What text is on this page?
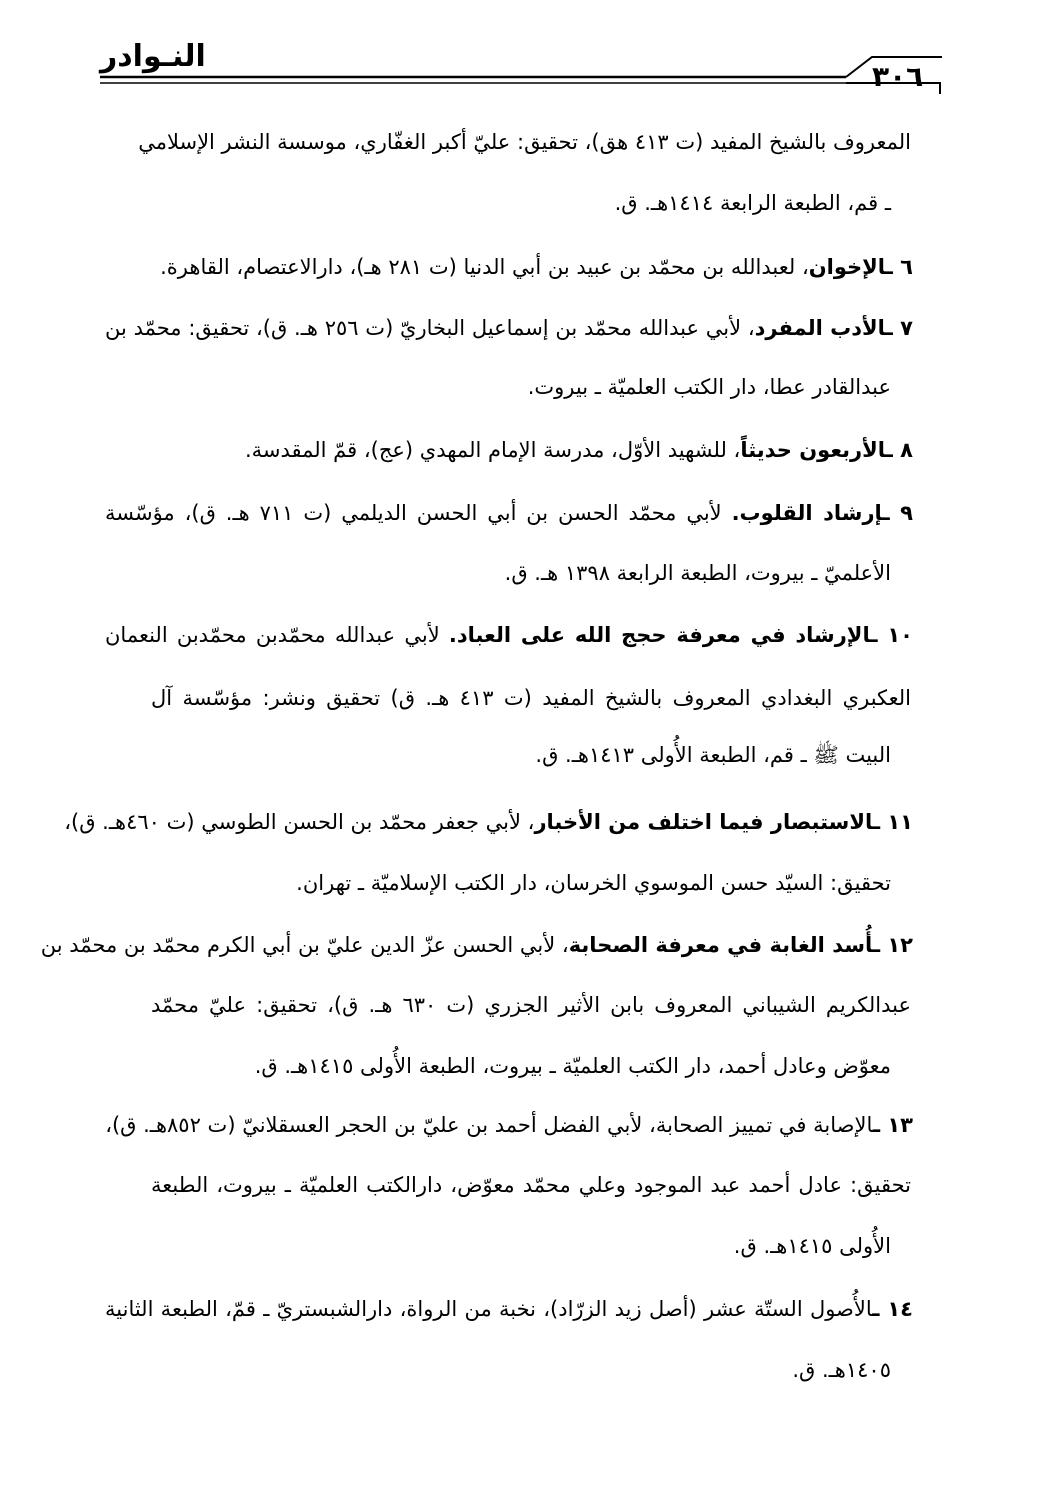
النـوادر
٣٠٦
المعروف بالشيخ المفيد (ت ٤١٣ هق)، تحقيق: عليّ أكبر الغفّاري، موسسة النشر الإسلامي
ـ قم، الطبعة الرابعة ١٤١٤هـ. ق.
٦ ـالإخوان، لعبدالله بن محمّد بن عبيد بن أبي الدنيا (ت ٢٨١ هـ)، دارالاعتصام، القاهرة.
٧ ـالأدب المفرد، لأبي عبدالله محمّد بن إسماعيل البخاريّ (ت ٢٥٦ هـ. ق)، تحقيق: محمّد بن
عبدالقادر عطا، دار الكتب العلميّة ـ بيروت.
٨ ـالأربعون حديثاً، للشهيد الأوّل، مدرسة الإمام المهدي (عج)، قمّ المقدسة.
٩ ـإرشاد القلوب. لأبي محمّد الحسن بن أبي الحسن الديلمي (ت ٧١١ هـ. ق)، مؤسّسة
الأعلميّ ـ بيروت، الطبعة الرابعة ١٣٩٨ هـ. ق.
١٠ ـالإرشاد في معرفة حجج الله على العباد. لأبي عبدالله محمّدبن محمّدبن النعمان
العكبري البغدادي المعروف بالشيخ المفيد (ت ٤١٣ هـ. ق) تحقيق ونشر: مؤسّسة آل
البيت ﷺ ـ قم، الطبعة الأُولى ١٤١٣هـ. ق.
١١ ـالاستبصار فيما اختلف من الأخبار، لأبي جعفر محمّد بن الحسن الطوسي (ت ٤٦٠هـ. ق)،
تحقيق: السيّد حسن الموسوي الخرسان، دار الكتب الإسلاميّة ـ تهران.
١٢ ـأُسد الغابة في معرفة الصحابة، لأبي الحسن عزّ الدين عليّ بن أبي الكرم محمّد بن محمّد بن
عبدالكريم الشيباني المعروف بابن الأثير الجزري (ت ٦٣٠ هـ. ق)، تحقيق: عليّ محمّد
معوّض وعادل أحمد، دار الكتب العلميّة ـ بيروت، الطبعة الأُولى ١٤١٥هـ. ق.
١٣ ـالإصابة في تمييز الصحابة، لأبي الفضل أحمد بن عليّ بن الحجر العسقلانيّ (ت ٨٥٢هـ. ق)،
تحقيق: عادل أحمد عبد الموجود وعلي محمّد معوّض، دارالكتب العلميّة ـ بيروت، الطبعة
الأُولى ١٤١٥هـ. ق.
١٤ ـالأُصول الستّة عشر (أصل زيد الزرّاد)، نخبة من الرواة، دارالشبستريّ ـ قمّ، الطبعة الثانية
١٤٠٥هـ. ق.
